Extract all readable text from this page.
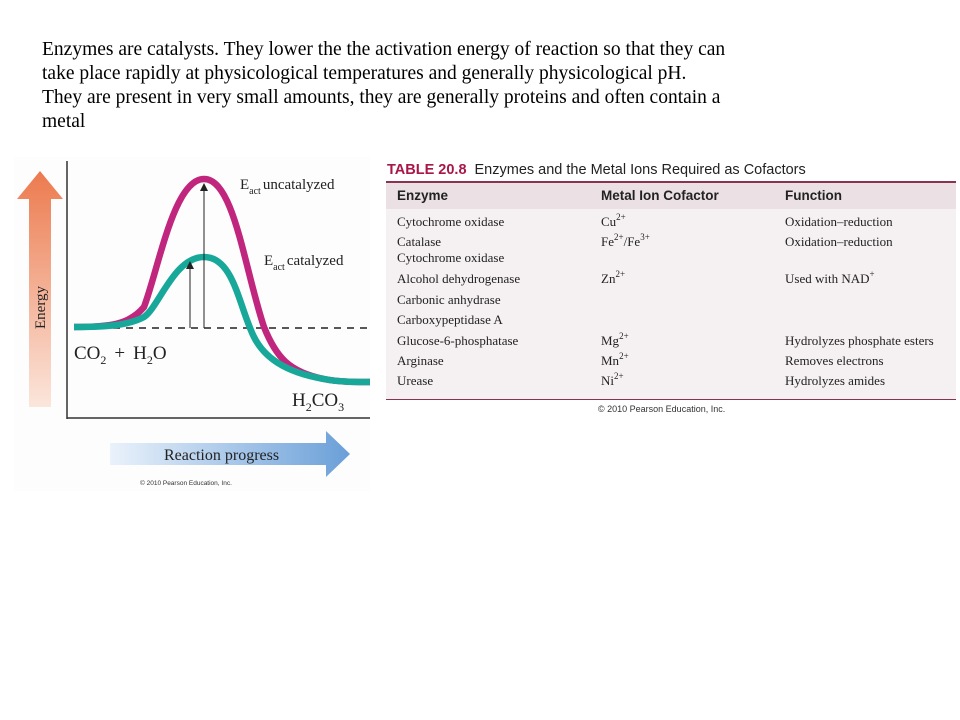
Enzymes are catalysts. They lower the the activation energy of reaction so that they can
take place rapidly at physicological temperatures and generally physicological pH.
They are present in very small amounts, they are generally proteins and often contain a
metal
Energy
$E_{act}$ uncatalyzed
$E_{act}$ catalyzed
$CO_2 + H_2O$
$H_2CO_3$
Reaction progress
© 2010 Pearson Education, Inc.
TABLE 20.8 Enzymes and the Metal Ions Required as Cofactors
Enzyme	Metal Ion Cofactor	Function
Cytochrome oxidase	$Cu^{2+}$	Oxidation–reduction
Catalase	$Fe^{2+}/Fe^{3+}$	Oxidation–reduction
Cytochrome oxidase
Alcohol dehydrogenase	$Zn^{2+}$	Used with NAD+
Carbonic anhydrase
Carboxypeptidase A
Glucose-6-phosphatase	$Mg^{2+}$	Hydrolyzes phosphate esters
Arginase	$Mn^{2+}$	Removes electrons
Urease	$Ni^{2+}$	Hydrolyzes amides
© 2010 Pearson Education, Inc.
